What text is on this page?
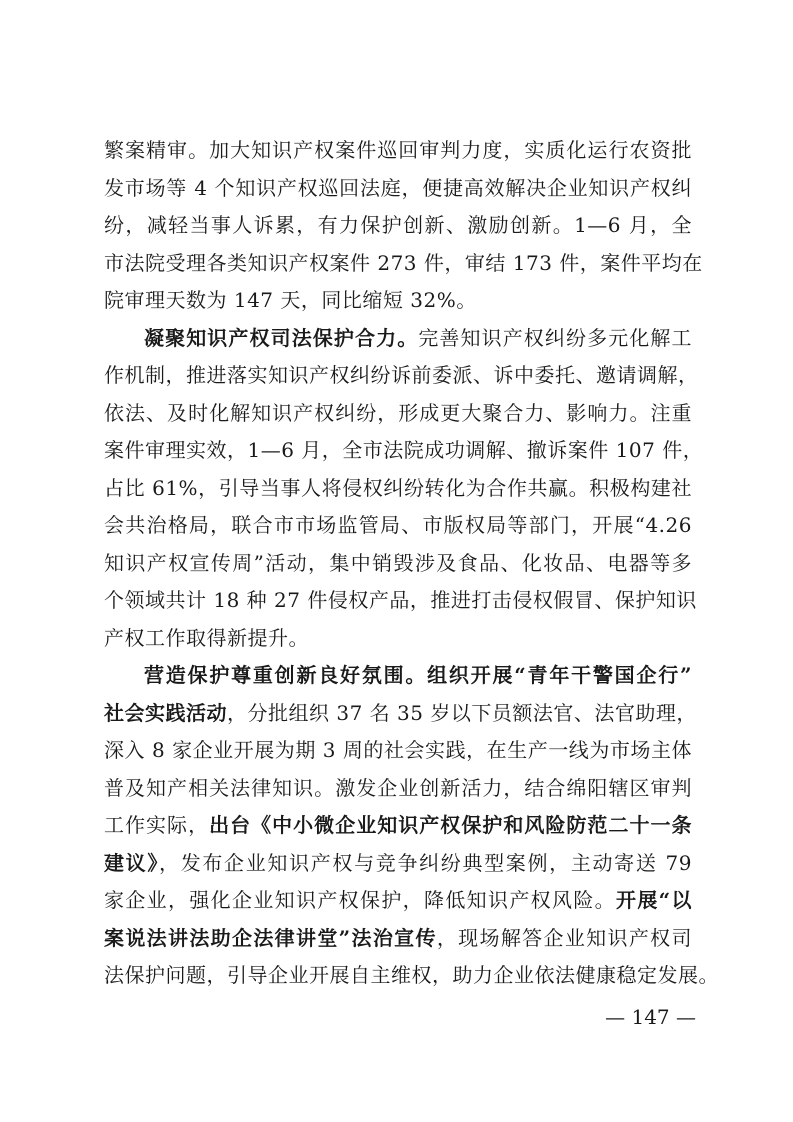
繁案精审。加大知识产权案件巡回审判力度，实质化运行农资批
发市场等 4 个知识产权巡回法庭，便捷高效解决企业知识产权纠
纷，减轻当事人诉累，有力保护创新、激励创新。1—6 月，全
市法院受理各类知识产权案件 273 件，审结 173 件，案件平均在
院审理天数为 147 天，同比缩短 32%。
凝聚知识产权司法保护合力。完善知识产权纠纷多元化解工
作机制，推进落实知识产权纠纷诉前委派、诉中委托、邀请调解，
依法、及时化解知识产权纠纷，形成更大聚合力、影响力。注重
案件审理实效，1—6 月，全市法院成功调解、撤诉案件 107 件，
占比 61%，引导当事人将侵权纠纷转化为合作共赢。积极构建社
会共治格局，联合市市场监管局、市版权局等部门，开展“4.26
知识产权宣传周”活动，集中销毁涉及食品、化妆品、电器等多
个领域共计 18 种 27 件侵权产品，推进打击侵权假冒、保护知识
产权工作取得新提升。
营造保护尊重创新良好氛围。组织开展“青年干警国企行”
社会实践活动，分批组织 37 名 35 岁以下员额法官、法官助理，
深入 8 家企业开展为期 3 周的社会实践，在生产一线为市场主体
普及知产相关法律知识。激发企业创新活力，结合绵阳辖区审判
工作实际，出台《中小微企业知识产权保护和风险防范二十一条
建议》，发布企业知识产权与竞争纠纷典型案例，主动寄送 79
家企业，强化企业知识产权保护，降低知识产权风险。开展“以
案说法讲法助企法律讲堂”法治宣传，现场解答企业知识产权司
法保护问题，引导企业开展自主维权，助力企业依法健康稳定发展。
— 147 —
